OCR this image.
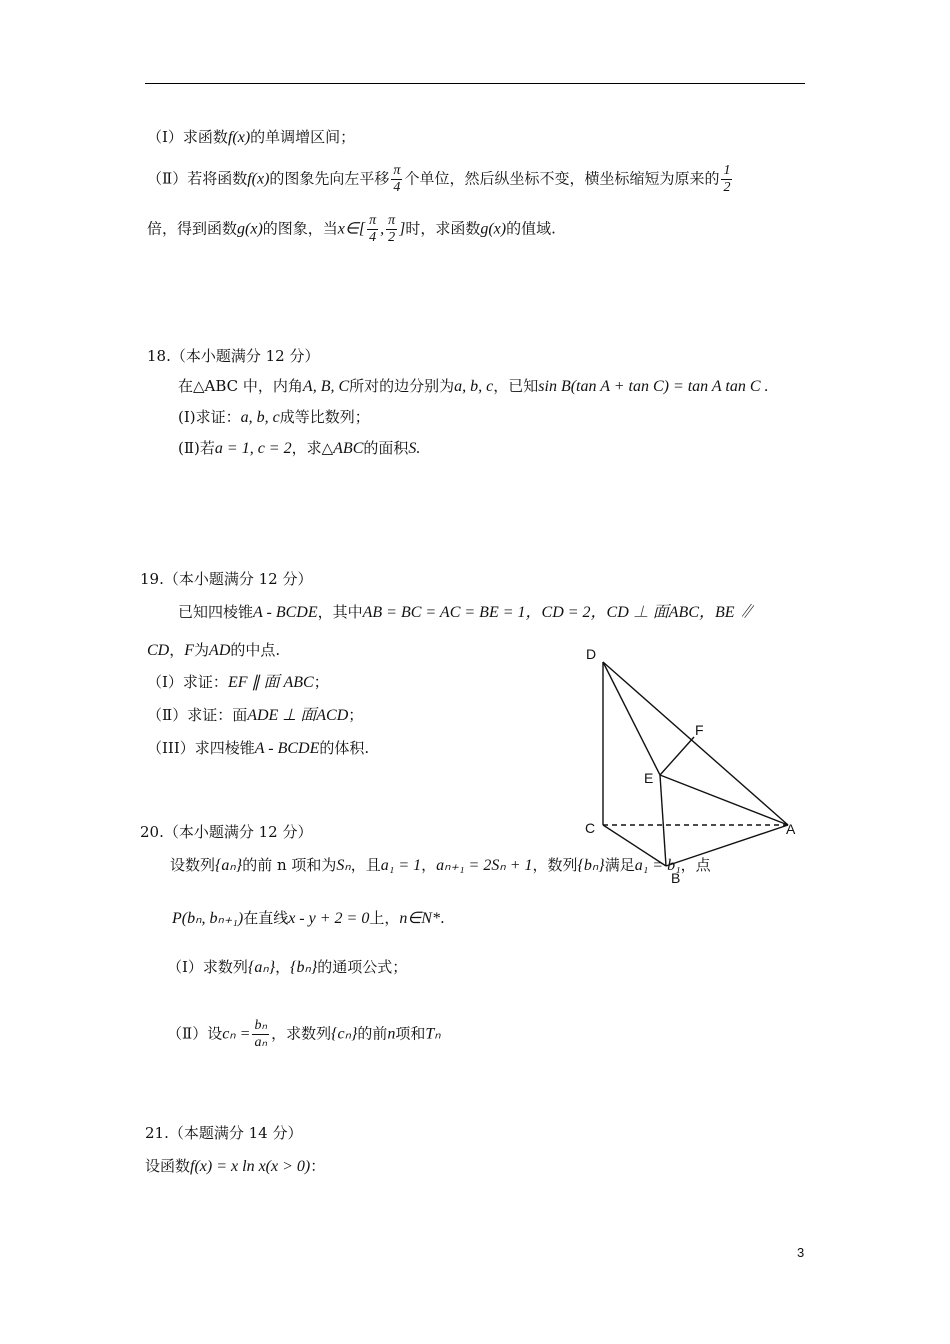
（Ⅰ）求函数f(x)的单调增区间；
（Ⅱ）若将函数f(x)的图象先向左平移 $\frac{\pi}{4}$ 个单位，然后纵坐标不变，横坐标缩短为原来的 $\frac{1}{2}$
倍，得到函数g(x)的图象，当x∈[ $\frac{\pi}{4}$ , $\frac{\pi}{2}$ ]时，求函数g(x)的值域.
18.（本小题满分 12 分）
在△ABC 中，内角A, B, C所对的边分别为a, b, c，已知sin B(tan A + tan C) = tan A tan C .
(Ⅰ)求证：a, b, c成等比数列；
(Ⅱ)若a = 1, c = 2，求△ABC的面积S.
19.（本小题满分 12 分）
已知四棱锥A - BCDE，其中AB = BC = AC = BE = 1，CD = 2，CD ⊥ 面ABC，BE ∥
CD，F为AD的中点.
（Ⅰ）求证：EF ∥ 面 ABC；
（Ⅱ）求证：面ADE ⊥ 面ACD；
（III）求四棱锥A - BCDE的体积.
D
F
E
C	A
B
20.（本小题满分 12 分）
设数列{aₙ}的前 n 项和为Sₙ，且a₁ = 1，aₙ₊₁ = 2Sₙ + 1，数列{bₙ}满足a₁ = b₁，点
P(bₙ, bₙ₊₁)在直线x - y + 2 = 0上，n∈N*.
（Ⅰ）求数列{aₙ}，{bₙ}的通项公式；
（Ⅱ）设$c_n = \frac{\text{bₙ}}{\text{aₙ}}$ ，求数列{cₙ}的前n项和Tₙ
21.（本题满分 14 分）
设函数f(x) = x ln x(x > 0)：
3
